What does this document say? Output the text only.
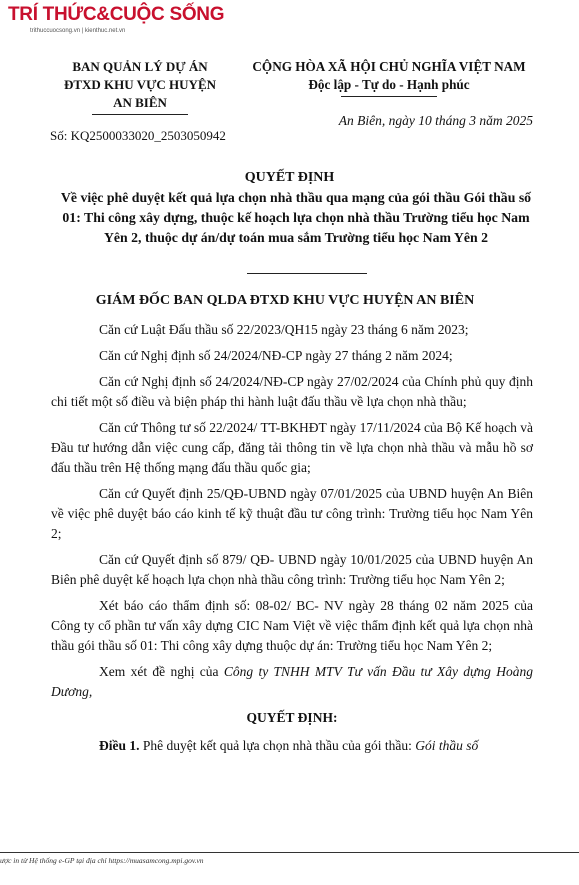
TRÍ THỨC&CUỘC SỐNG
trithuccuocsong.vn | kienthuc.net.vn
BAN QUẢN LÝ DỰ ÁN
ĐTXD KHU VỰC HUYỆN
AN BIÊN
Số: KQ2500033020_2503050942
CỘNG HÒA XÃ HỘI CHỦ NGHĨA VIỆT NAM
Độc lập - Tự do - Hạnh phúc
An Biên, ngày 10 tháng 3 năm 2025
QUYẾT ĐỊNH
Về việc phê duyệt kết quả lựa chọn nhà thầu qua mạng của gói thầu Gói thầu số 01: Thi công xây dựng, thuộc kế hoạch lựa chọn nhà thầu Trường tiểu học Nam Yên 2, thuộc dự án/dự toán mua sắm Trường tiểu học Nam Yên 2
GIÁM ĐỐC BAN QLDA ĐTXD KHU VỰC HUYỆN AN BIÊN

Căn cứ Luật Đấu thầu số 22/2023/QH15 ngày 23 tháng 6 năm 2023;

Căn cứ Nghị định số 24/2024/NĐ-CP ngày 27 tháng 2 năm 2024;

Căn cứ Nghị định số 24/2024/NĐ-CP ngày 27/02/2024 của Chính phủ quy định chi tiết một số điều và biện pháp thi hành luật đấu thầu về lựa chọn nhà thầu;

Căn cứ Thông tư số 22/2024/ TT-BKHĐT ngày 17/11/2024 của Bộ Kế hoạch và Đầu tư hướng dẫn việc cung cấp, đăng tải thông tin về lựa chọn nhà thầu và mẫu hồ sơ đấu thầu trên Hệ thống mạng đấu thầu quốc gia;

Căn cứ Quyết định 25/QĐ-UBND ngày 07/01/2025 của UBND huyện An Biên về việc phê duyệt báo cáo kinh tế kỹ thuật đầu tư công trình: Trường tiểu học Nam Yên 2;

Căn cứ Quyết định số 879/ QĐ- UBND ngày 10/01/2025 của UBND huyện An Biên phê duyệt kế hoạch lựa chọn nhà thầu công trình: Trường tiểu học Nam Yên 2;

Xét báo cáo thẩm định số: 08-02/ BC- NV ngày 28 tháng 02 năm 2025 của Công ty cổ phần tư vấn xây dựng CIC Nam Việt về việc thẩm định kết quả lựa chọn nhà thầu gói thầu số 01: Thi công xây dựng thuộc dự án: Trường tiểu học Nam Yên 2;

Xem xét đề nghị của Công ty TNHH MTV Tư vấn Đầu tư Xây dựng Hoàng Dương,

QUYẾT ĐỊNH:

Điều 1. Phê duyệt kết quả lựa chọn nhà thầu của gói thầu: Gói thầu số

ược in từ Hệ thống e-GP tại địa chỉ https://muasamcong.mpi.gov.vn
